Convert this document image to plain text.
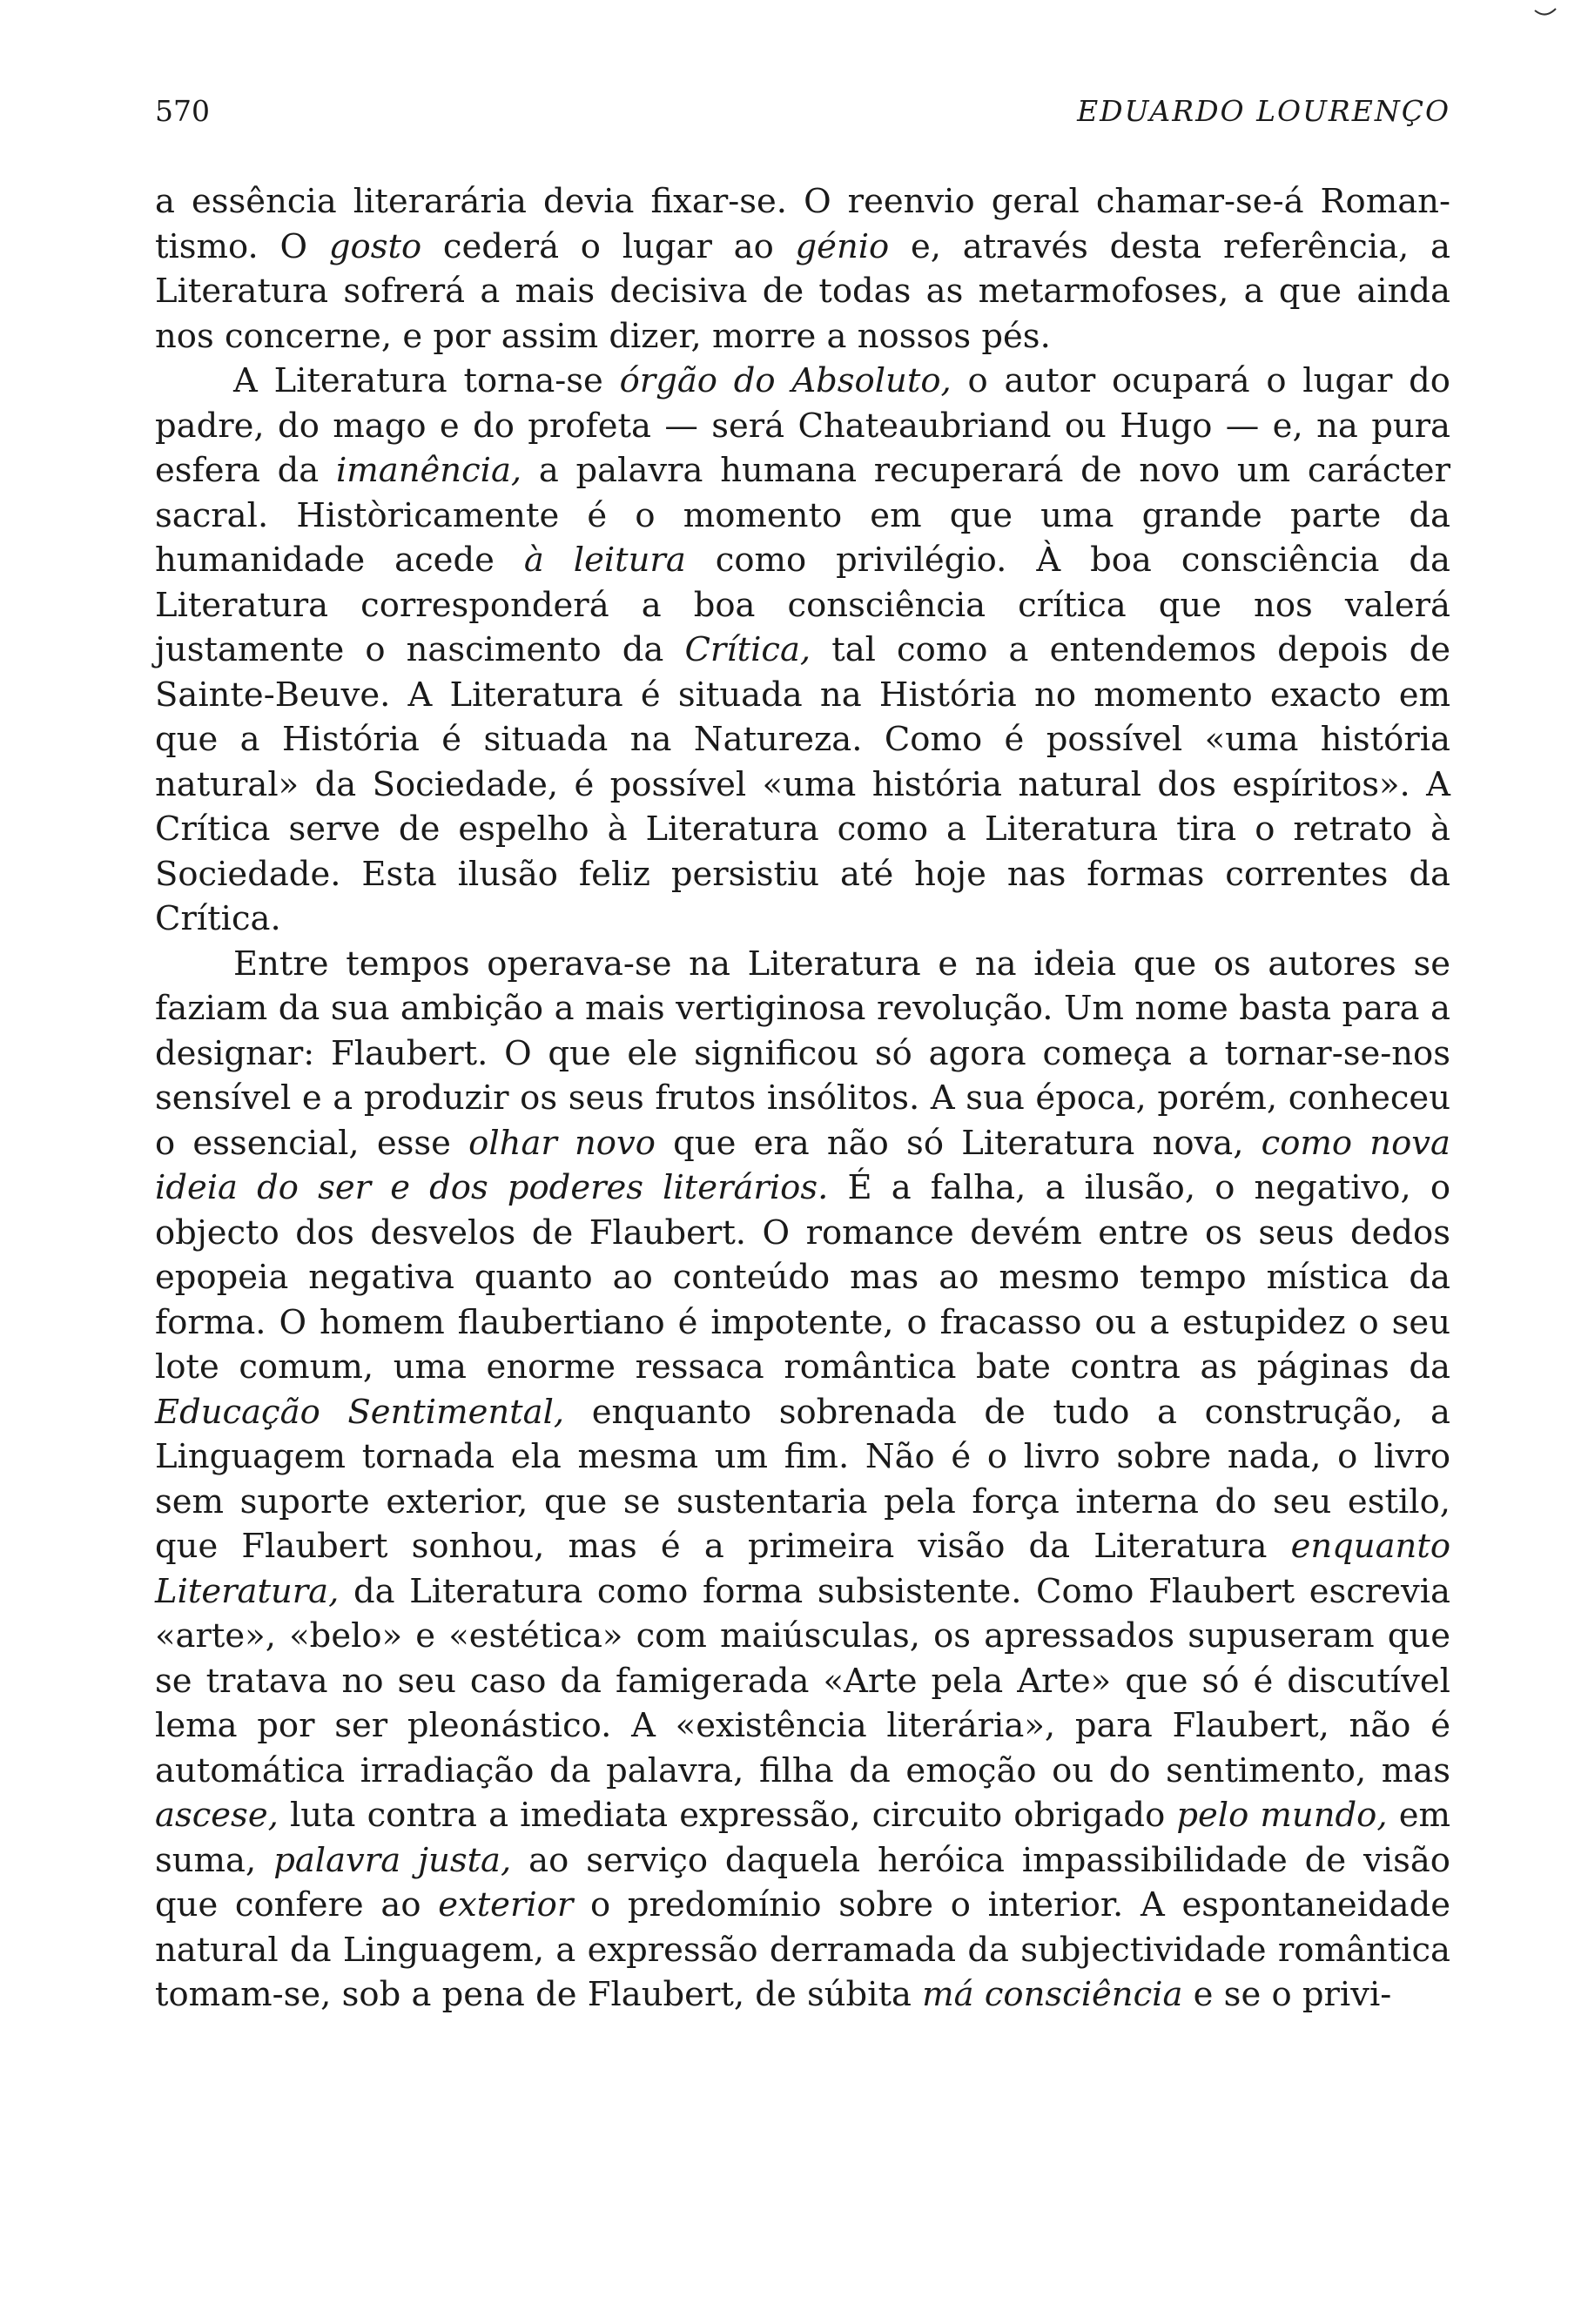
570	EDUARDO LOURENÇO

a essência literarária devia fixar-se. O reenvio geral chamar-se-á Romantismo. O gosto cederá o lugar ao génio e, através desta referência, a Literatura sofrerá a mais decisiva de todas as metarmofoses, a que ainda nos concerne, e por assim dizer, morre a nossos pés.

A Literatura torna-se órgão do Absoluto, o autor ocupará o lugar do padre, do mago e do profeta — será Chateaubriand ou Hugo — e, na pura esfera da imanência, a palavra humana recuperará de novo um carácter sacral. Històricamente é o momento em que uma grande parte da humanidade acede à leitura como privilégio. À boa consciência da Literatura corresponderá a boa consciência crítica que nos valerá justamente o nascimento da Crítica, tal como a entendemos depois de Sainte-Beuve. A Literatura é situada na História no momento exacto em que a História é situada na Natureza. Como é possível «uma história natural» da Sociedade, é possível «uma história natural dos espíritos». A Crítica serve de espelho à Literatura como a Literatura tira o retrato à Sociedade. Esta ilusão feliz persistiu até hoje nas formas correntes da Crítica.

Entre tempos operava-se na Literatura e na ideia que os autores se faziam da sua ambição a mais vertiginosa revolução. Um nome basta para a designar: Flaubert. O que ele significou só agora começa a tornar-se-nos sensível e a produzir os seus frutos insólitos. A sua época, porém, conheceu o essencial, esse olhar novo que era não só Literatura nova, como nova ideia do ser e dos poderes literários. É a falha, a ilusão, o negativo, o objecto dos desvelos de Flaubert. O romance devém entre os seus dedos epopeia negativa quanto ao conteúdo mas ao mesmo tempo mística da forma. O homem flaubertiano é impotente, o fracasso ou a estupidez o seu lote comum, uma enorme ressaca romântica bate contra as páginas da Educação Sentimental, enquanto sobrenada de tudo a construção, a Linguagem tornada ela mesma um fim. Não é o livro sobre nada, o livro sem suporte exterior, que se sustentaria pela força interna do seu estilo, que Flaubert sonhou, mas é a primeira visão da Literatura enquanto Literatura, da Literatura como forma subsistente. Como Flaubert escrevia «arte», «belo» e «estética» com maiúsculas, os apressados supuseram que se tratava no seu caso da famigerada «Arte pela Arte» que só é discutível lema por ser pleonástico. A «existência literária», para Flaubert, não é automática irradiação da palavra, filha da emoção ou do sentimento, mas ascese, luta contra a imediata expressão, circuito obrigado pelo mundo, em suma, palavra justa, ao serviço daquela heróica impassibilidade de visão que confere ao exterior o predomínio sobre o interior. A espontaneidade natural da Linguagem, a expressão derramada da subjectividade romântica tomam-se, sob a pena de Flaubert, de súbita má consciência e se o privi-
